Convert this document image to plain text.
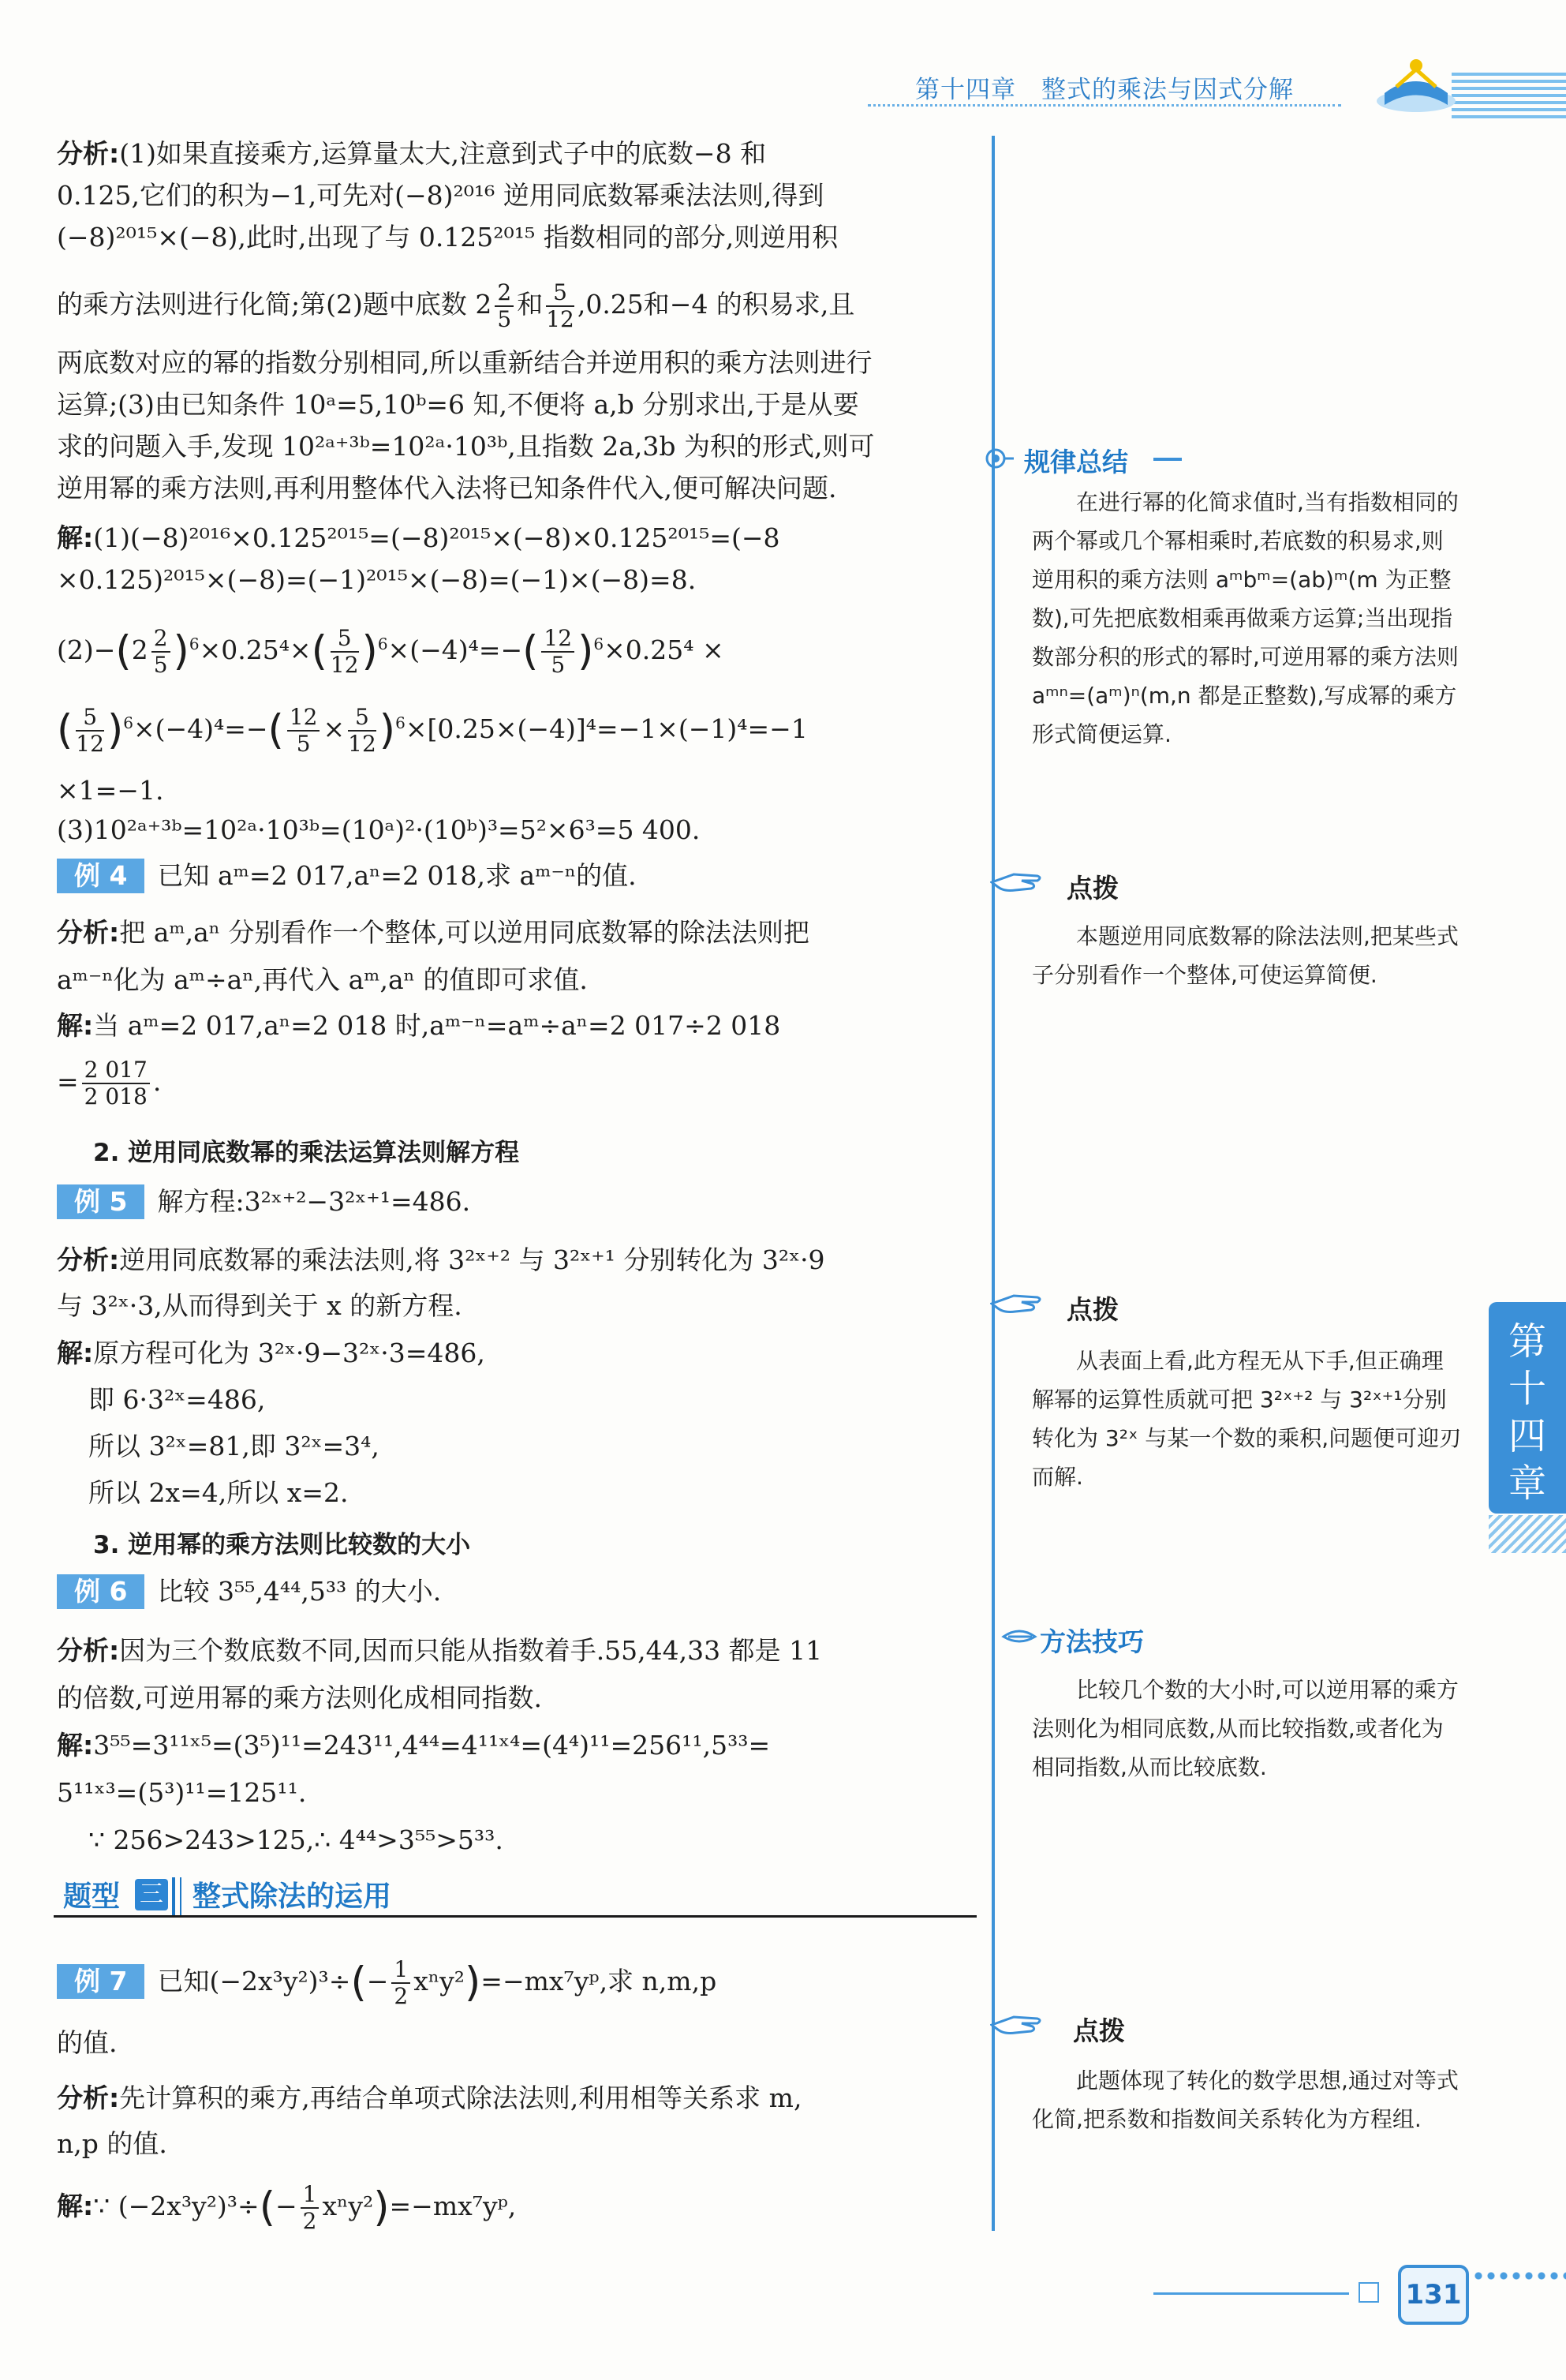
第十四章　整式的乘法与因式分解
分析:(1)如果直接乘方,运算量太大,注意到式子中的底数−8 和
0.125,它们的积为−1,可先对(−8)²⁰¹⁶ 逆用同底数幂乘法法则,得到
(−8)²⁰¹⁵×(−8),此时,出现了与 0.125²⁰¹⁵ 指数相同的部分,则逆用积
的乘方法则进行化简;第(2)题中底数 $2 \frac{2}{5}$ 和 $\frac{5}{12} ,0.25$和−4 的积易求,且
两底数对应的幂的指数分别相同,所以重新结合并逆用积的乘方法则进行
运算;(3)由已知条件 10ᵃ=5,10ᵇ=6 知,不便将 a,b 分别求出,于是从要
求的问题入手,发现 10²ᵃ⁺³ᵇ=10²ᵃ·10³ᵇ,且指数 2a,3b 为积的形式,则可
逆用幂的乘方法则,再利用整体代入法将已知条件代入,便可解决问题.
解:(1)(−8)²⁰¹⁶×0.125²⁰¹⁵=(−8)²⁰¹⁵×(−8)×0.125²⁰¹⁵=(−8
×0.125)²⁰¹⁵×(−8)=(−1)²⁰¹⁵×(−8)=(−1)×(−8)=8.
$(2)-(2 \frac{2}{5} )^6\times 0.25^4\times( \frac{5}{12} )^6\times(-4)^4=-( \frac{12}{5} )^6\times 0.25^4$ ×
( $\frac{5}{12} )^6\times(-4)^4=-( \frac{12}{5} \times \frac{5}{12} )^6\times[0.25\times(-4)]^4=-1\times(-1)^4=-1$
×1=−1.
(3)10²ᵃ⁺³ᵇ=10²ᵃ·10³ᵇ=(10ᵃ)²·(10ᵇ)³=5²×6³=5 400.
例 4 已知 aᵐ=2 017,aⁿ=2 018,求 aᵐ⁻ⁿ的值.
分析:把 aᵐ,aⁿ 分别看作一个整体,可以逆用同底数幂的除法法则把
aᵐ⁻ⁿ化为 aᵐ÷aⁿ,再代入 aᵐ,aⁿ 的值即可求值.
解:当 aᵐ=2 017,aⁿ=2 018 时,aᵐ⁻ⁿ=aᵐ÷aⁿ=2 017÷2 018
= $\frac{2 017}{2 018}$ .
2. 逆用同底数幂的乘法运算法则解方程
例 5 解方程:3²ˣ⁺²−3²ˣ⁺¹=486.
分析:逆用同底数幂的乘法法则,将 3²ˣ⁺² 与 3²ˣ⁺¹ 分别转化为 3²ˣ·9
与 3²ˣ·3,从而得到关于 x 的新方程.
解:原方程可化为 3²ˣ·9−3²ˣ·3=486,
即 6·3²ˣ=486,
所以 3²ˣ=81,即 3²ˣ=3⁴,
所以 2x=4,所以 x=2.
3. 逆用幂的乘方法则比较数的大小
例 6 比较 3⁵⁵,4⁴⁴,5³³ 的大小.
分析:因为三个数底数不同,因而只能从指数着手.55,44,33 都是 11
的倍数,可逆用幂的乘方法则化成相同指数.
解:3⁵⁵=3¹¹ˣ⁵=(3⁵)¹¹=243¹¹,4⁴⁴=4¹¹ˣ⁴=(4⁴)¹¹=256¹¹,5³³=
5¹¹ˣ³=(5³)¹¹=125¹¹.
∵ 256>243>125,∴ 4⁴⁴>3⁵⁵>5³³.
题型 三 整式除法的运用
例 7 已知$(-2x^3y^2)^3\div(- \frac{1}{2}$ xⁿy²)=−mx⁷yᵖ,求 n,m,p
的值.
分析:先计算积的乘方,再结合单项式除法法则,利用相等关系求 m,
n,p 的值.
解:∵ $(-2x^3y^2)^3\div(- \frac{1}{2}$ xⁿy²)=−mx⁷yᵖ,
规律总结
在进行幂的化简求值时,当有指数相同的两个幂或几个幂相乘时,若底数的积易求,则逆用积的乘方法则 aᵐbᵐ=(ab)ᵐ(m 为正整数),可先把底数相乘再做乘方运算;当出现指数部分积的形式的幂时,可逆用幂的乘方法则 aᵐⁿ=(aᵐ)ⁿ(m,n 都是正整数),写成幂的乘方形式简便运算.
点拨
本题逆用同底数幂的除法法则,把某些式子分别看作一个整体,可使运算简便.
点拨
从表面上看,此方程无从下手,但正确理解幂的运算性质就可把 3²ˣ⁺² 与 3²ˣ⁺¹分别转化为 3²ˣ 与某一个数的乘积,问题便可迎刃而解.
方法技巧
比较几个数的大小时,可以逆用幂的乘方法则化为相同底数,从而比较指数,或者化为相同指数,从而比较底数.
点拨
此题体现了转化的数学思想,通过对等式化简,把系数和指数间关系转化为方程组.
第十四章
131
